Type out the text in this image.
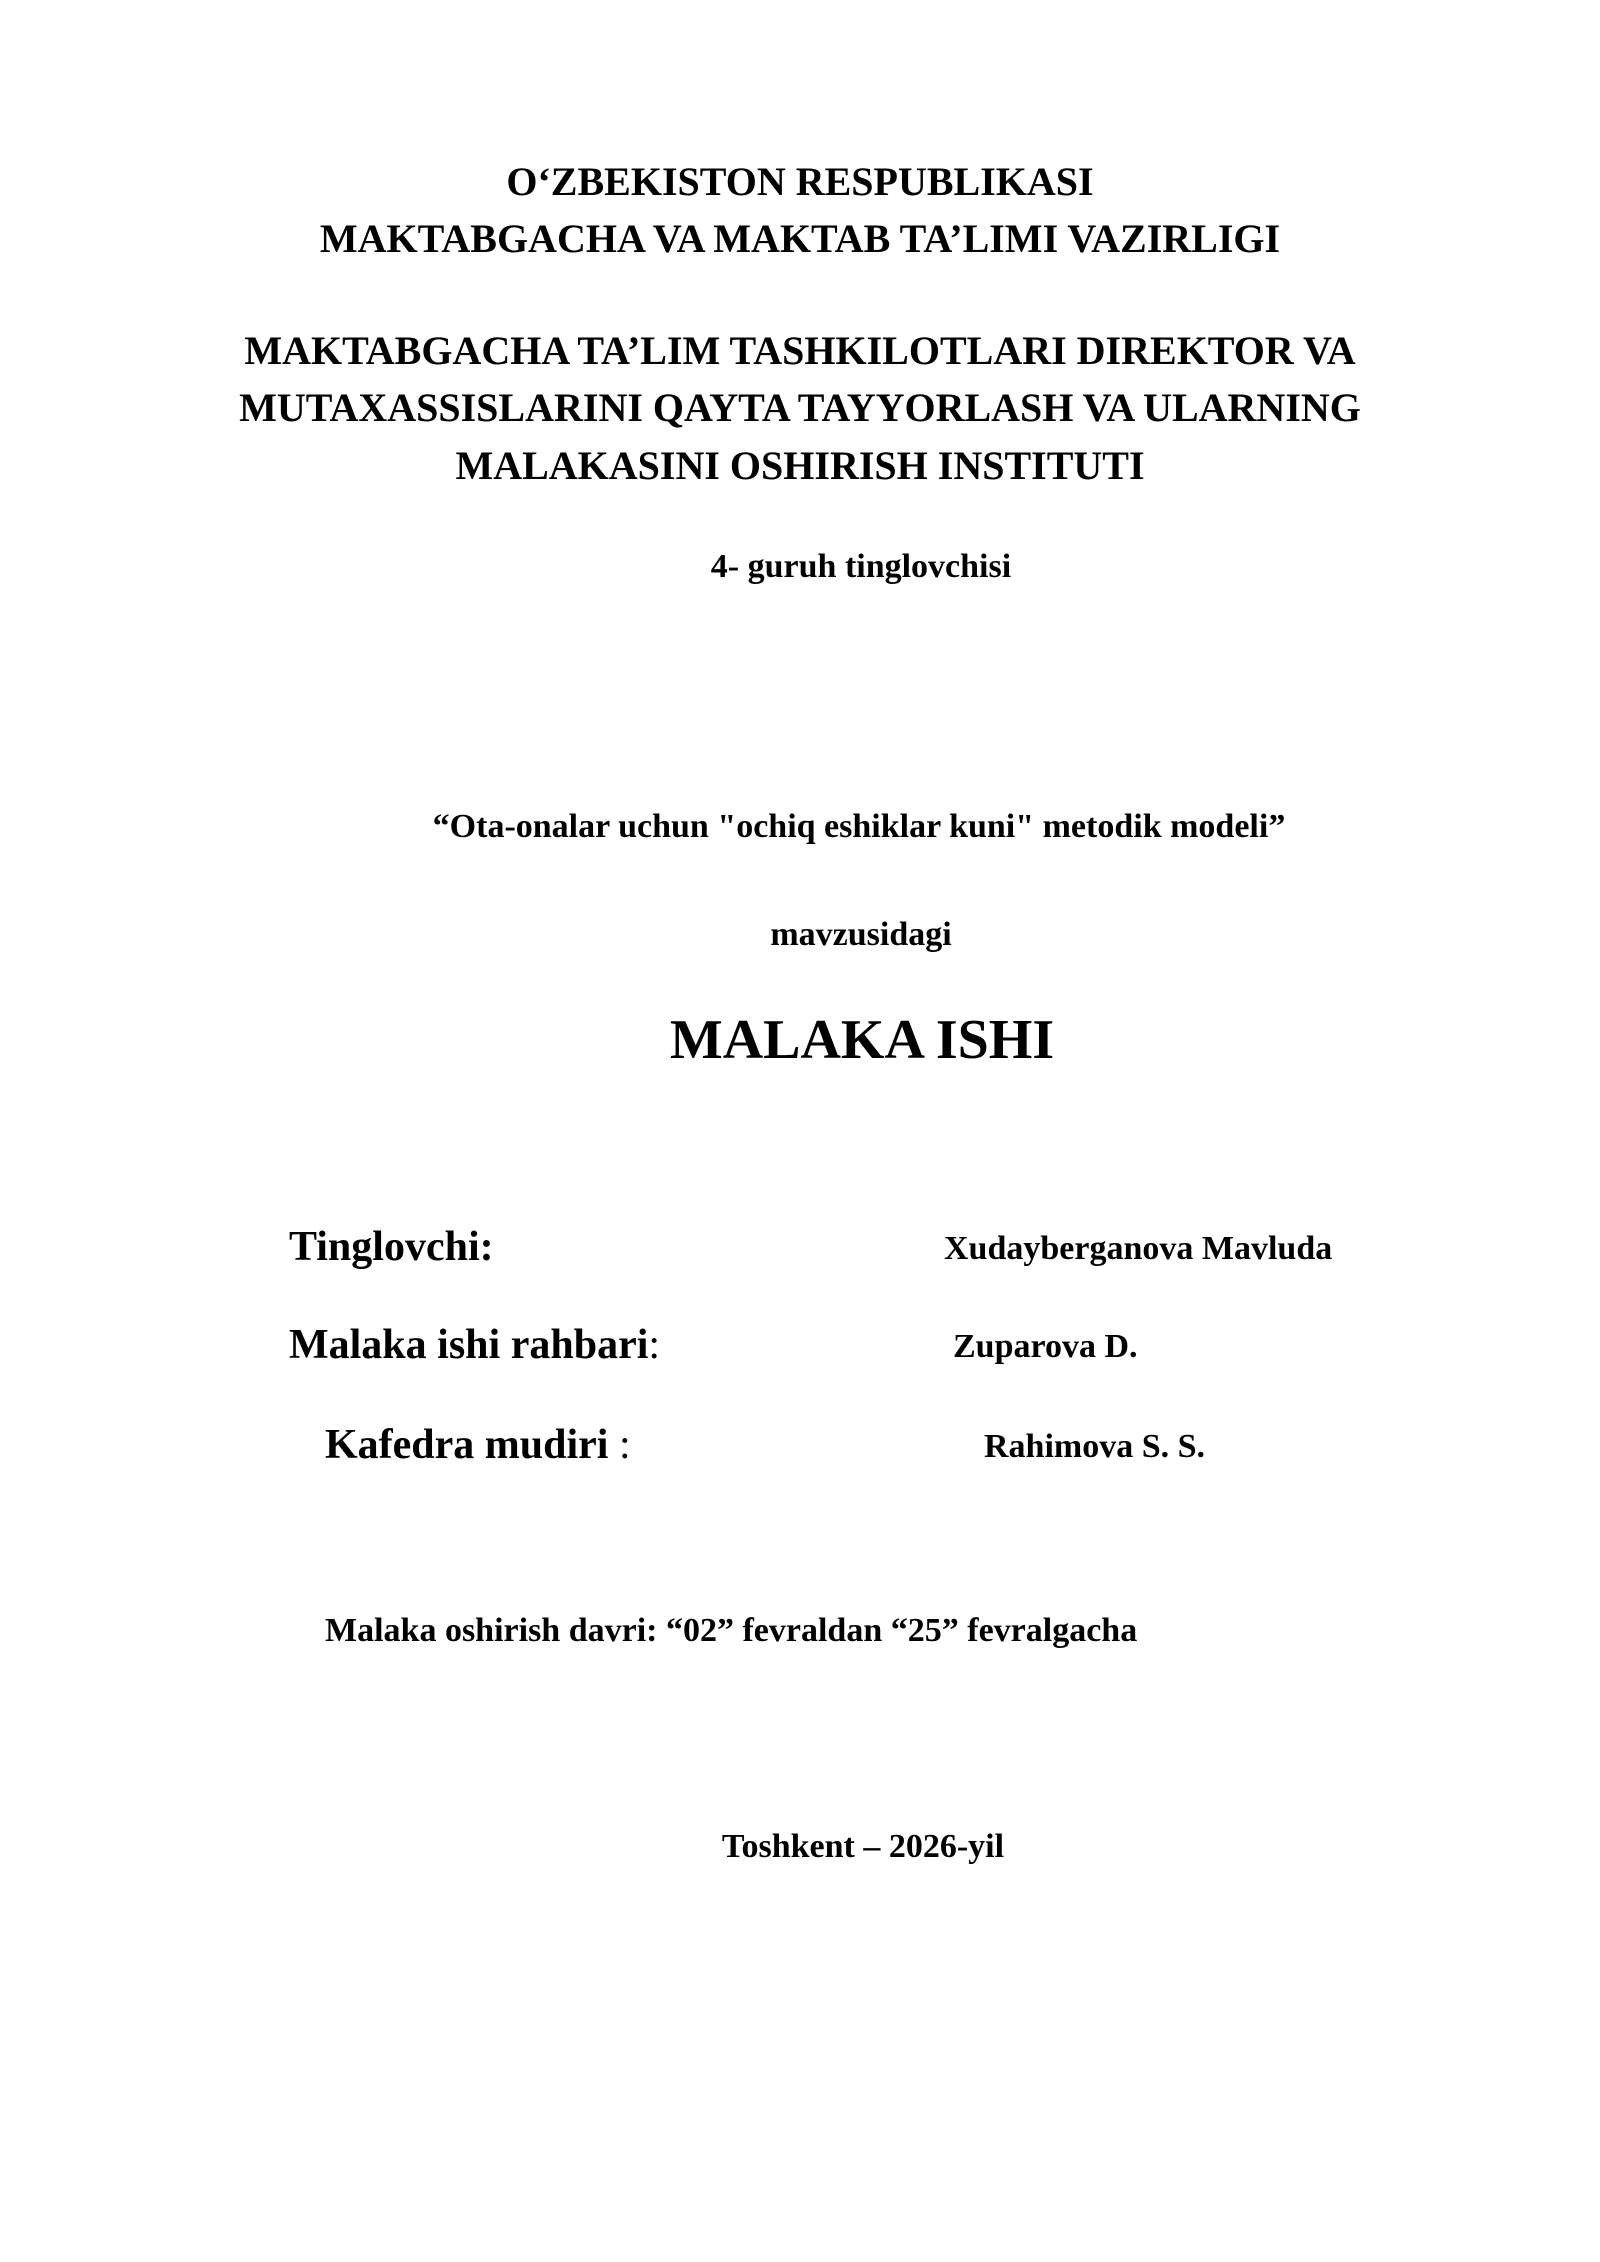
O‘ZBEKISTON RESPUBLIKASI
MAKTABGACHA VA MAKTAB TA’LIMI VAZIRLIGI
MAKTABGACHA TA’LIM TASHKILOTLARI DIREKTOR VA
MUTAXASSISLARINI QAYTA TAYYORLASH VA ULARNING
MALAKASINI OSHIRISH INSTITUTI
4- guruh tinglovchisi
“Ota-onalar uchun "ochiq eshiklar kuni" metodik modeli”
mavzusidagi
MALAKA ISHI
Tinglovchi:	Xudayberganova Mavluda
Malaka ishi rahbari:	Zuparova D.
Kafedra mudiri :	Rahimova S. S.
Malaka oshirish davri: “02” fevraldan “25” fevralgacha
Toshkent – 2026-yil
